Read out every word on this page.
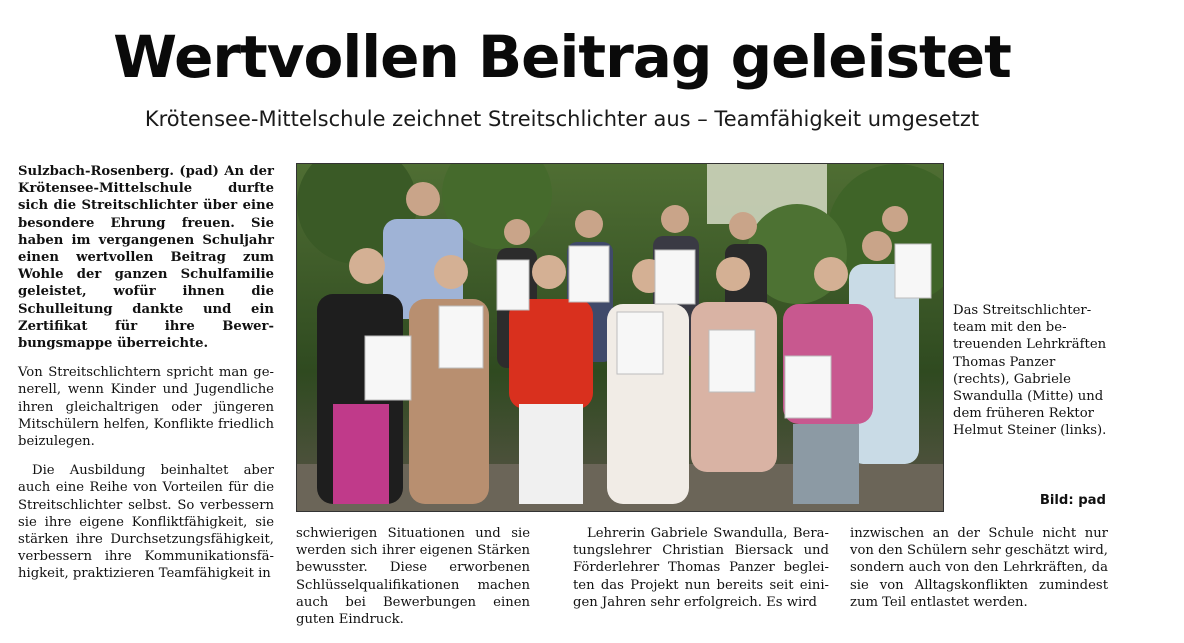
Wertvollen Beitrag geleistet
Krötensee-Mittelschule zeichnet Streitschlichter aus – Teamfähigkeit umgesetzt

Sulzbach-Rosenberg. (pad) An der Krötensee-Mittelschule durfte sich die Streitschlichter über eine besondere Ehrung freuen. Sie haben im vergangenen Schuljahr einen wertvollen Beitrag zum Wohle der ganzen Schulfamilie geleistet, wofür ihnen die Schulleitung dankte und ein Zertifikat für ihre Bewerbungsmappe überreichte.

Von Streitschlichtern spricht man generell, wenn Kinder und Jugendliche ihren gleichaltrigen oder jüngeren Mitschülern helfen, Konflikte friedlich beizulegen.

Die Ausbildung beinhaltet aber auch eine Reihe von Vorteilen für die Streitschlichter selbst. So verbessern sie ihre eigene Konfliktfähigkeit, sie stärken ihre Durchsetzungsfähigkeit, verbessern ihre Kommunikationsfähigkeit, praktizieren Teamfähigkeit in

Das Streitschlichterteam mit den betreuenden Lehrkräften Thomas Panzer (rechts), Gabriele Swandulla (Mitte) und dem früheren Rektor Helmut Steiner (links).
Bild: pad

schwierigen Situationen und sie werden sich ihrer eigenen Stärken bewusster. Diese erworbenen Schlüsselqualifikationen machen auch bei Bewerbungen einen guten Eindruck.

Lehrerin Gabriele Swandulla, Beratungslehrer Christian Biersack und Förderlehrer Thomas Panzer begleiten das Projekt nun bereits seit einigen Jahren sehr erfolgreich. Es wird

inzwischen an der Schule nicht nur von den Schülern sehr geschätzt wird, sondern auch von den Lehrkräften, da sie von Alltagskonflikten zumindest zum Teil entlastet werden.
